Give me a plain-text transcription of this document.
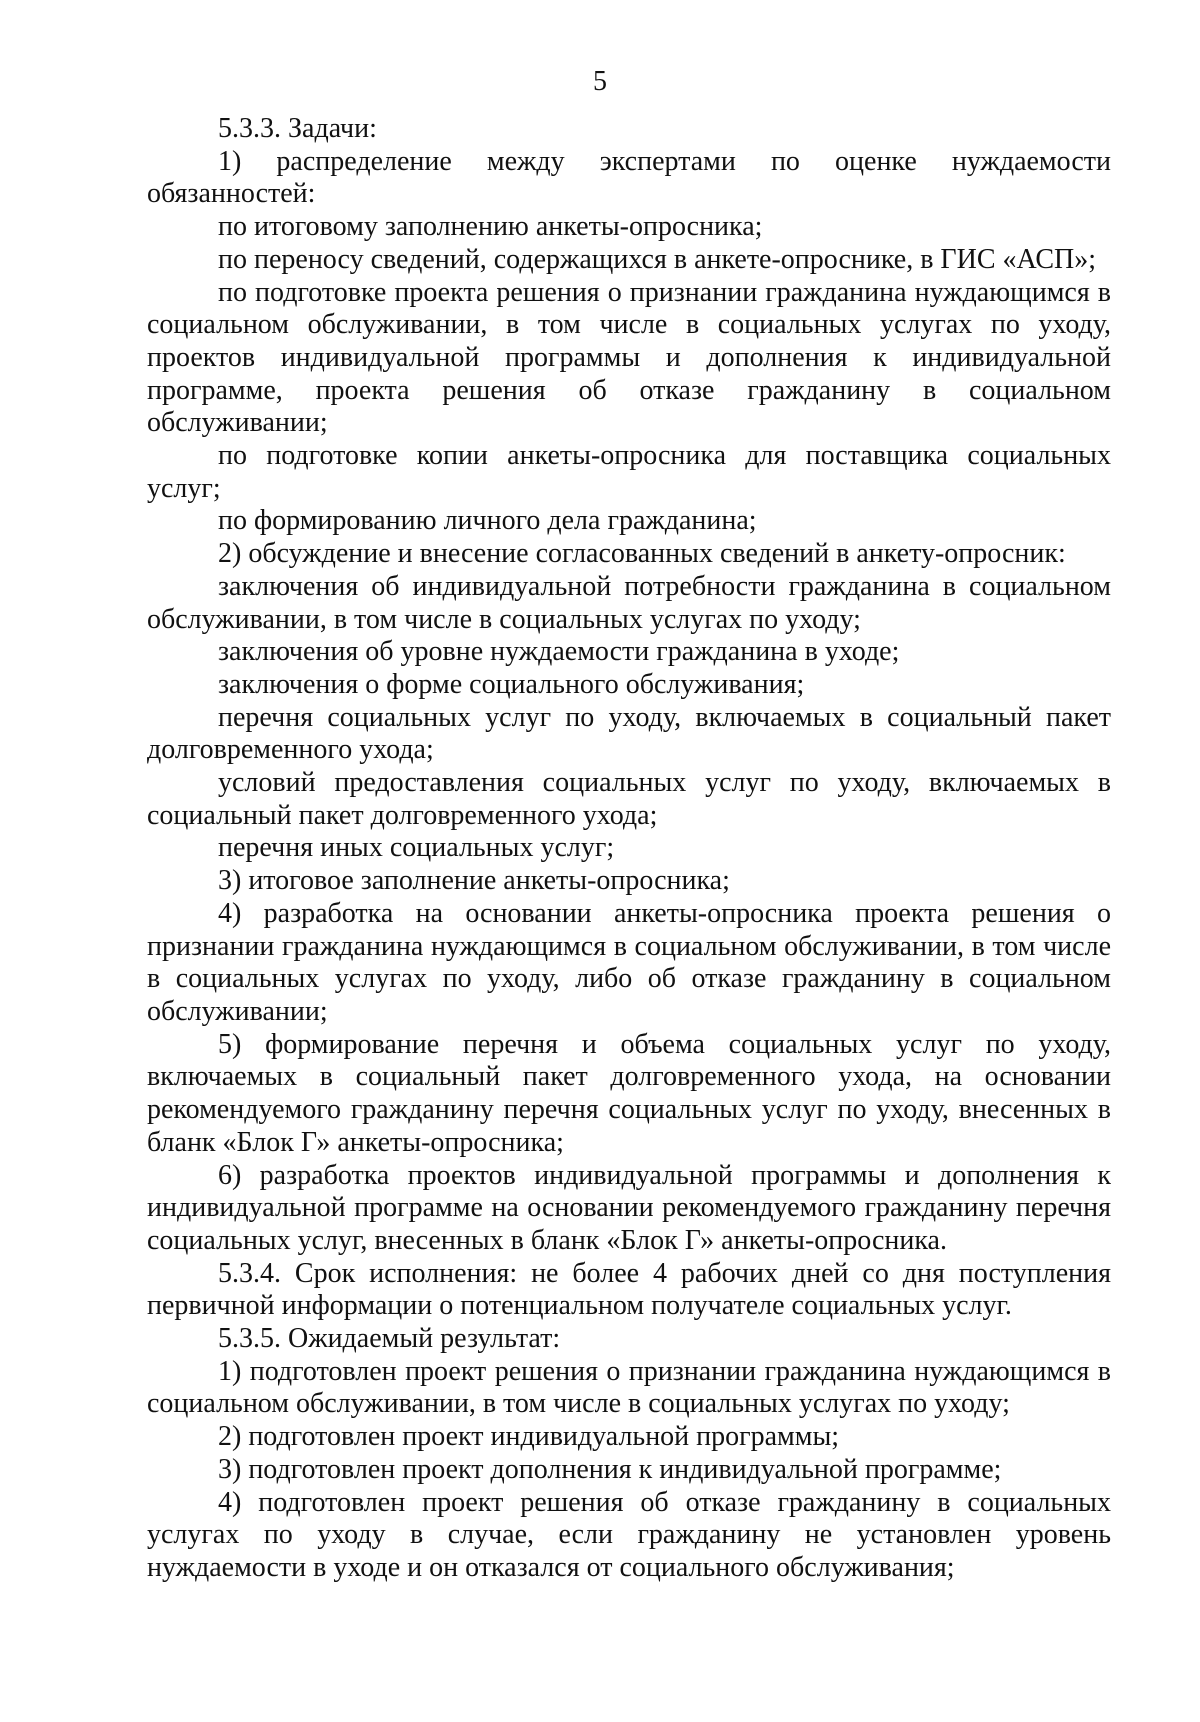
5

5.3.3. Задачи:

1) распределение между экспертами по оценке нуждаемости обязанностей:

по итоговому заполнению анкеты-опросника;

по переносу сведений, содержащихся в анкете-опроснике, в ГИС «АСП»;

по подготовке проекта решения о признании гражданина нуждающимся в социальном обслуживании, в том числе в социальных услугах по уходу, проектов индивидуальной программы и дополнения к индивидуальной программе, проекта решения об отказе гражданину в социальном обслуживании;

по подготовке копии анкеты-опросника для поставщика социальных услуг;

по формированию личного дела гражданина;

2) обсуждение и внесение согласованных сведений в анкету-опросник:

заключения об индивидуальной потребности гражданина в социальном обслуживании, в том числе в социальных услугах по уходу;

заключения об уровне нуждаемости гражданина в уходе;

заключения о форме социального обслуживания;

перечня социальных услуг по уходу, включаемых в социальный пакет долговременного ухода;

условий предоставления социальных услуг по уходу, включаемых в социальный пакет долговременного ухода;

перечня иных социальных услуг;

3) итоговое заполнение анкеты-опросника;

4) разработка на основании анкеты-опросника проекта решения о признании гражданина нуждающимся в социальном обслуживании, в том числе в социальных услугах по уходу, либо об отказе гражданину в социальном обслуживании;

5) формирование перечня и объема социальных услуг по уходу, включаемых в социальный пакет долговременного ухода, на основании рекомендуемого гражданину перечня социальных услуг по уходу, внесенных в бланк «Блок Г» анкеты-опросника;

6) разработка проектов индивидуальной программы и дополнения к индивидуальной программе на основании рекомендуемого гражданину перечня социальных услуг, внесенных в бланк «Блок Г» анкеты-опросника.

5.3.4. Срок исполнения: не более 4 рабочих дней со дня поступления первичной информации о потенциальном получателе социальных услуг.

5.3.5. Ожидаемый результат:

1) подготовлен проект решения о признании гражданина нуждающимся в социальном обслуживании, в том числе в социальных услугах по уходу;

2) подготовлен проект индивидуальной программы;

3) подготовлен проект дополнения к индивидуальной программе;

4) подготовлен проект решения об отказе гражданину в социальных услугах по уходу в случае, если гражданину не установлен уровень нуждаемости в уходе и он отказался от социального обслуживания;
